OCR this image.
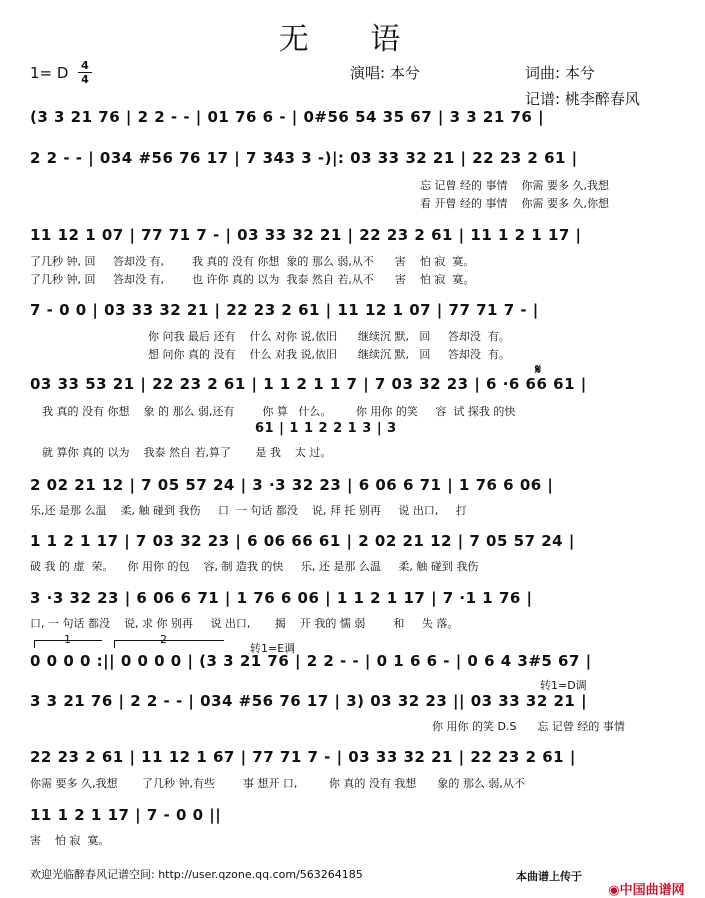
无 语
1= D 4
4	演唱: 本兮	词曲: 本兮
记谱: 桃李醉春风
(3 3 21 76 | 2 2 - - | 01 76 6 - | 0#56 54 35 67 | 3 3 21 76 |
2 2 - - | 034 #56 76 17 | 7 343 3 -)|: 03 33 32 21 | 22 23 2 61 |
忘 记曾 经的 事情    你需 要多 久,我想
看 开曾 经的 事情    你需 要多 久,你想
11 12 1 07 | 77 71 7 - | 03 33 32 21 | 22 23 2 61 | 11 1 2 1 17 |
了几秒 钟, 回     答却没 有,        我 真的 没有 你想  象的 那么 弱,从不      害    怕 寂  寞。
了几秒 钟, 回     答却没 有,        也 许你 真的 以为  我泰 然自 若,从不      害    怕 寂  寞。
7 - 0 0 | 03 33 32 21 | 22 23 2 61 | 11 12 1 07 | 77 71 7 - |
你 问我 最后 还有    什么 对你 说,依旧      继续沉 默,   回     答却没  有。
想 问你 真的 没有    什么 对我 说,依旧      继续沉 默,   回     答却没  有。
03 33 53 21 | 22 23 2 61 | 1 1 2 1 1 7 | 7 03 32 23 | 6 ·6 66 61 |
𝄋
我 真的 没有 你想    象 的 那么 弱,还有        你 算   什么。       你 用你 的笑     容  试 探我 的快
61 | 1 1 2 2 1 3 | 3
就 算你 真的 以为    我泰 然自 若,算了       是 我    太 过。
2 02 21 12 | 7 05 57 24 | 3 ·3 32 23 | 6 06 6 71 | 1 76 6 06 |
乐,还 是那 么温    柔, 触 碰到 我伤     口  一 句话 都没    说, 拜 托 别再     说 出口,     打
1 1 2 1 17 | 7 03 32 23 | 6 06 66 61 | 2 02 21 12 | 7 05 57 24 |
破 我 的 虚  荣。    你 用你 的包    容, 制 造我 的快     乐, 还 是那 么温     柔, 触 碰到 我伤
3 ·3 32 23 | 6 06 6 71 | 1 76 6 06 | 1 1 2 1 17 | 7 ·1 1 76 |
口, 一 句话 都没    说, 求 你 别再     说 出口,       揭    开 我的 懦 弱        和     失 落。
1	2
转1=E调
0 0 0 0 :|| 0 0 0 0 | (3 3 21 76 | 2 2 - - | 0 1 6 6 - | 0 6 4 3#5 67 |
转1=D调
3 3 21 76 | 2 2 - - | 034 #56 76 17 | 3) 03 32 23 || 03 33 32 21 |
你 用你 的笑 D.S      忘 记曾 经的 事情
22 23 2 61 | 11 12 1 67 | 77 71 7 - | 03 33 32 21 | 22 23 2 61 |
你需 要多 久,我想       了几秒 钟,有些        事 想开 口,         你 真的 没有 我想      象的 那么 弱,从不
11 1 2 1 17 | 7 - 0 0 ||
害    怕 寂  寞。
欢迎光临醉春风记谱空间: http://user.qzone.qq.com/563264185	本曲谱上传于

◉中国曲谱网
